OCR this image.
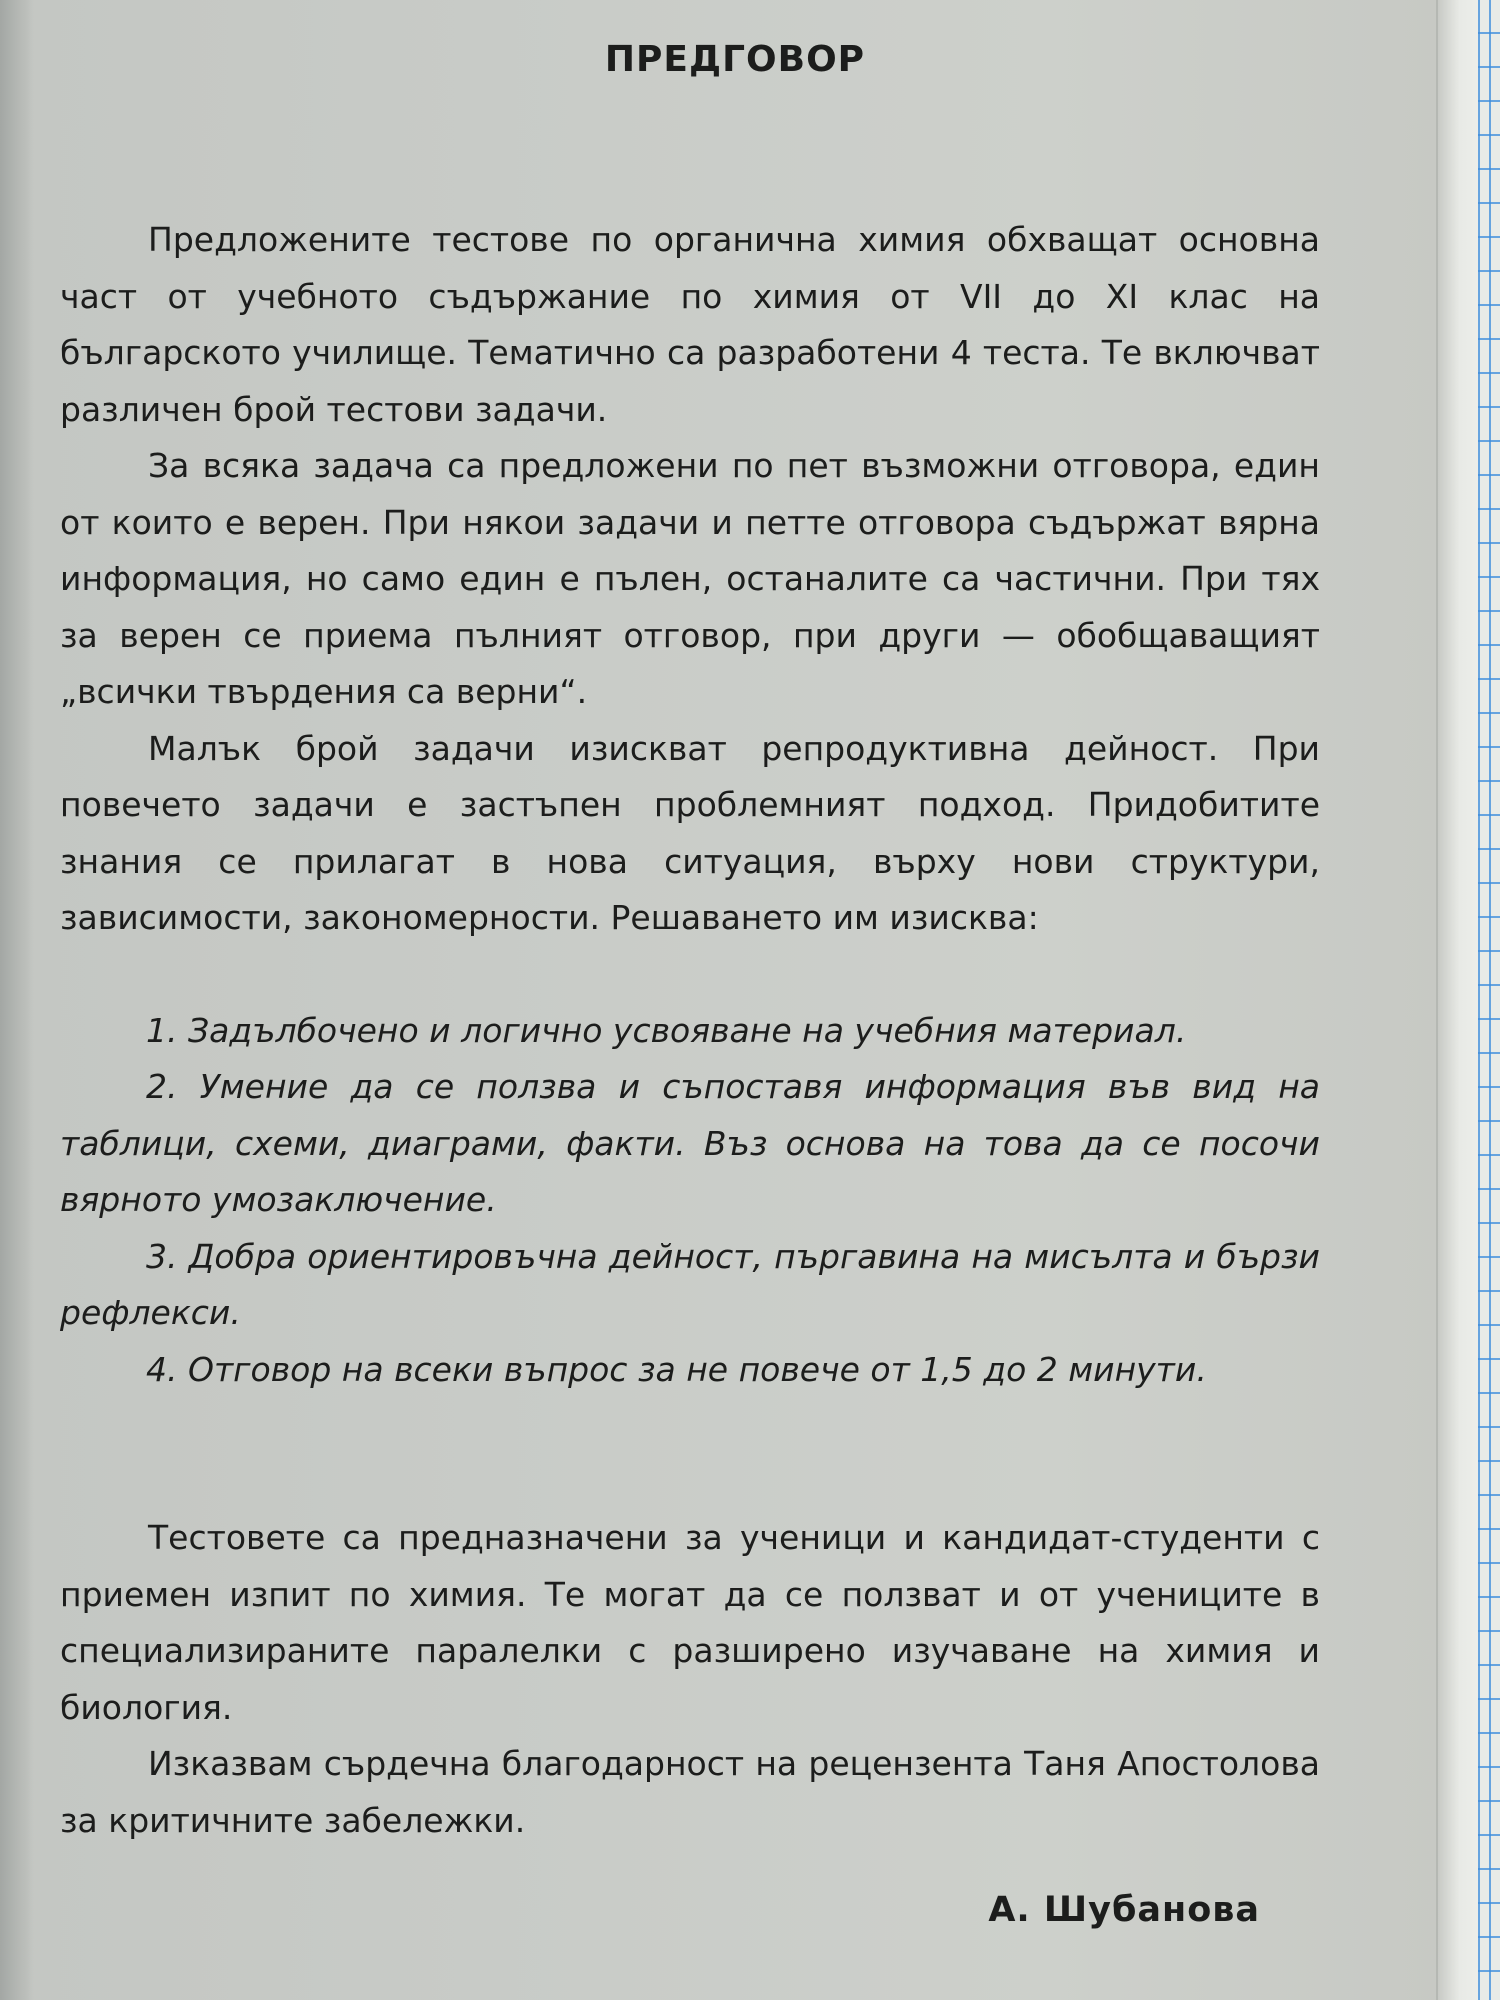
ПРЕДГОВОР

Предложените тестове по органична химия обхващат основна част от учебното съдържание по химия от VII до XI клас на българското училище. Тематично са разработени 4 теста. Те включват различен брой тестови задачи.

За всяка задача са предложени по пет възможни отговора, един от които е верен. При някои задачи и петте отговора съдържат вярна информация, но само един е пълен, останалите са частични. При тях за верен се приема пълният отговор, при други — обобщаващият „всички твърдения са верни“.

Малък брой задачи изискват репродуктивна дейност. При повечето задачи е застъпен проблемният подход. Придобитите знания се прилагат в нова ситуация, върху нови структури, зависимости, закономерности. Решаването им изисква:

1. Задълбочено и логично усвояване на учебния материал.

2. Умение да се ползва и съпоставя информация във вид на таблици, схеми, диаграми, факти. Въз основа на това да се посочи вярното умозаключение.

3. Добра ориентировъчна дейност, пъргавина на мисълта и бързи рефлекси.

4. Отговор на всеки въпрос за не повече от 1,5 до 2 минути.

Тестовете са предназначени за ученици и кандидат-студенти с приемен изпит по химия. Те могат да се ползват и от учениците в специализираните паралелки с разширено изучаване на химия и биология.

Изказвам сърдечна благодарност на рецензента Таня Апостолова за критичните забележки.

А. Шубанова
